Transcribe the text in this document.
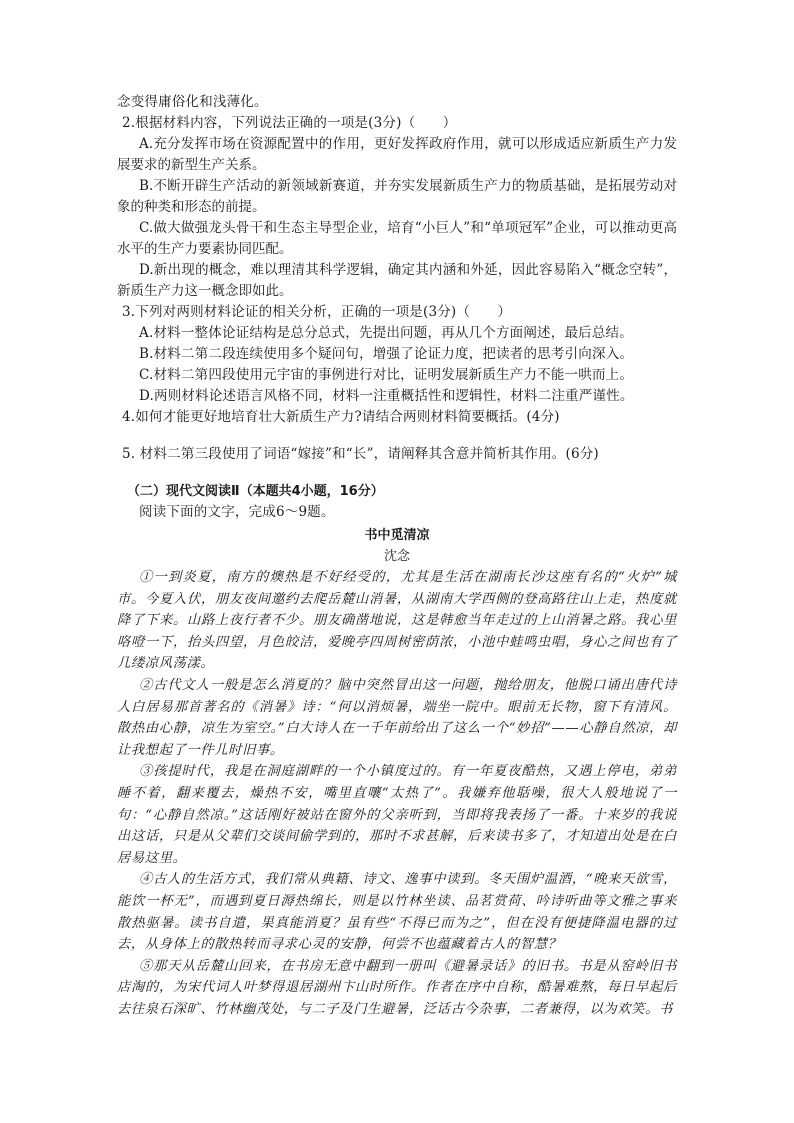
念变得庸俗化和浅薄化。
2.根据材料内容，下列说法正确的一项是(3分)（　　）
A.充分发挥市场在资源配置中的作用，更好发挥政府作用，就可以形成适应新质生产力发展要求的新型生产关系。
B.不断开辟生产活动的新领域新赛道，并夯实发展新质生产力的物质基础，是拓展劳动对象的种类和形态的前提。
C.做大做强龙头骨干和生态主导型企业，培育“小巨人”和“单项冠军”企业，可以推动更高水平的生产力要素协同匹配。
D.新出现的概念，难以理清其科学逻辑，确定其内涵和外延，因此容易陷入“概念空转”，新质生产力这一概念即如此。
3.下列对两则材料论证的相关分析，正确的一项是(3分)（　　）
A.材料一整体论证结构是总分总式，先提出问题，再从几个方面阐述，最后总结。
B.材料二第二段连续使用多个疑问句，增强了论证力度，把读者的思考引向深入。
C.材料二第四段使用元宇宙的事例进行对比，证明发展新质生产力不能一哄而上。
D.两则材料论述语言风格不同，材料一注重概括性和逻辑性，材料二注重严谨性。
4.如何才能更好地培育壮大新质生产力?请结合两则材料简要概括。(4分)
5. 材料二第三段使用了词语“嫁接”和“长”，请阐释其含意并简析其作用。(6分)
（二）现代文阅读Ⅱ（本题共4小题，16分）
阅读下面的文字，完成6～9题。
书中觅清凉
沈念
①一到炎夏，南方的燠热是不好经受的，尤其是生活在湖南长沙这座有名的“火炉”城市。今夏入伏，朋友夜间邀约去爬岳麓山消暑，从湖南大学西侧的登高路往山上走，热度就降了下来。山路上夜行者不少。朋友确凿地说，这是韩愈当年走过的上山消暑之路。我心里咯噔一下，抬头四望，月色皎洁，爱晚亭四周树密荫浓，小池中蛙鸣虫唱，身心之间也有了几缕凉风荡漾。
②古代文人一般是怎么消夏的？脑中突然冒出这一问题，抛给朋友，他脱口诵出唐代诗人白居易那首著名的《消暑》诗：“何以消烦暑，端坐一院中。眼前无长物，窗下有清风。散热由心静，凉生为室空。”白大诗人在一千年前给出了这么一个“妙招”——心静自然凉，却让我想起了一件儿时旧事。
③孩提时代，我是在洞庭湖畔的一个小镇度过的。有一年夏夜酷热，又遇上停电，弟弟睡不着，翻来覆去，燥热不安，嘴里直嚷“太热了”。我嫌弃他聒噪，很大人般地说了一句：“心静自然凉。”这话刚好被站在窗外的父亲听到，当即将我表扬了一番。十来岁的我说出这话，只是从父辈们交谈间偷学到的，那时不求甚解，后来读书多了，才知道出处是在白居易这里。
④古人的生活方式，我们常从典籍、诗文、逸事中读到。冬天围炉温酒，“晚来天欲雪，能饮一杯无”，而遇到夏日溽热绵长，则是以竹林坐读、品茗赏荷、吟诗听曲等文雅之事来散热驱暑。读书自遣，果真能消夏？虽有些“不得已而为之”，但在没有便捷降温电器的过去，从身体上的散热转而寻求心灵的安静，何尝不也蕴藏着古人的智慧？
⑤那天从岳麓山回来，在书房无意中翻到一册叫《避暑录话》的旧书。书是从窑岭旧书店淘的，为宋代词人叶梦得退居湖州卞山时所作。作者在序中自称，酷暑难熬，每日早起后去往泉石深旷、竹林幽茂处，与二子及门生避暑，泛话古今杂事，二者兼得，以为欢笑。书
